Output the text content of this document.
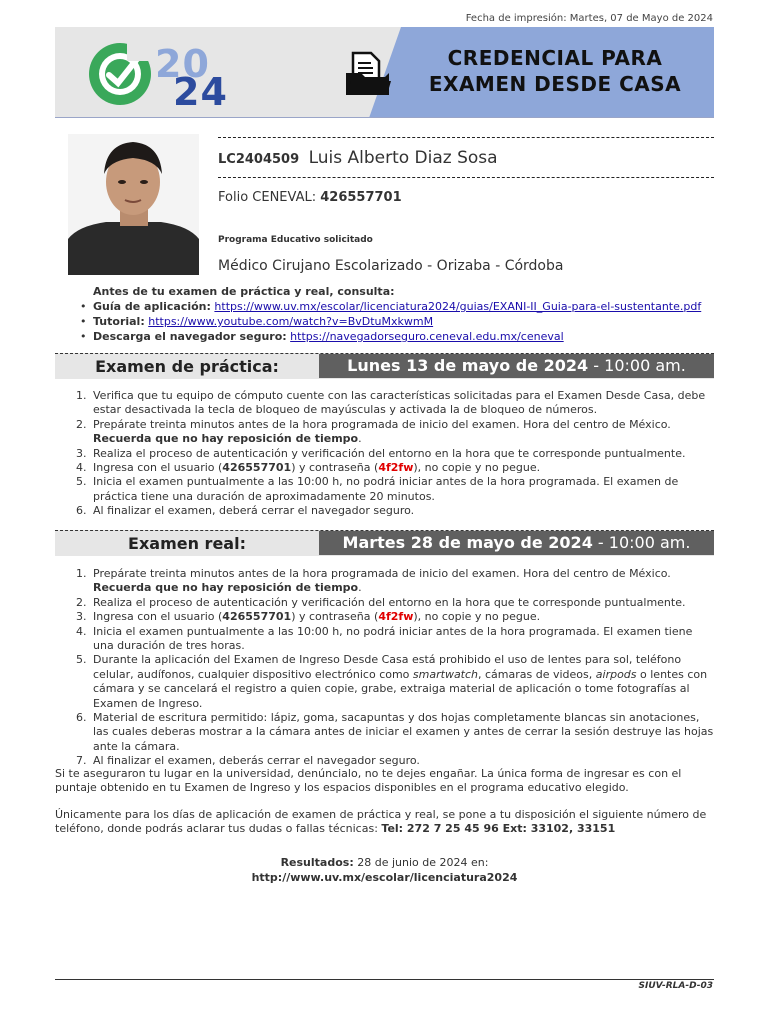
Fecha de impresión: Martes, 07 de Mayo de 2024
20
24
CREDENCIAL PARA
EXAMEN DESDE CASA
LC2404509 Luis Alberto Diaz Sosa
Folio CENEVAL: 426557701
Programa Educativo solicitado
Médico Cirujano Escolarizado - Orizaba - Córdoba
Antes de tu examen de práctica y real, consulta:
• Guía de aplicación: https://www.uv.mx/escolar/licenciatura2024/guias/EXANI-II_Guia-para-el-sustentante.pdf
• Tutorial: https://www.youtube.com/watch?v=BvDtuMxkwmM
• Descarga el navegador seguro: https://navegadorseguro.ceneval.edu.mx/ceneval
Examen de práctica:	Lunes 13 de mayo de 2024 - 10:00 am.
1. Verifica que tu equipo de cómputo cuente con las características solicitadas para el Examen Desde Casa, debe estar desactivada la tecla de bloqueo de mayúsculas y activada la de bloqueo de números.
2. Prepárate treinta minutos antes de la hora programada de inicio del examen. Hora del centro de México. Recuerda que no hay reposición de tiempo.
3. Realiza el proceso de autenticación y verificación del entorno en la hora que te corresponde puntualmente.
4. Ingresa con el usuario (426557701) y contraseña (4f2fw), no copie y no pegue.
5. Inicia el examen puntualmente a las 10:00 h, no podrá iniciar antes de la hora programada. El examen de práctica tiene una duración de aproximadamente 20 minutos.
6. Al finalizar el examen, deberá cerrar el navegador seguro.
Examen real:	Martes 28 de mayo de 2024 - 10:00 am.
1. Prepárate treinta minutos antes de la hora programada de inicio del examen. Hora del centro de México. Recuerda que no hay reposición de tiempo.
2. Realiza el proceso de autenticación y verificación del entorno en la hora que te corresponde puntualmente.
3. Ingresa con el usuario (426557701) y contraseña (4f2fw), no copie y no pegue.
4. Inicia el examen puntualmente a las 10:00 h, no podrá iniciar antes de la hora programada. El examen tiene una duración de tres horas.
5. Durante la aplicación del Examen de Ingreso Desde Casa está prohibido el uso de lentes para sol, teléfono celular, audífonos, cualquier dispositivo electrónico como smartwatch, cámaras de videos, airpods o lentes con cámara y se cancelará el registro a quien copie, grabe, extraiga material de aplicación o tome fotografías al Examen de Ingreso.
6. Material de escritura permitido: lápiz, goma, sacapuntas y dos hojas completamente blancas sin anotaciones, las cuales deberas mostrar a la cámara antes de iniciar el examen y antes de cerrar la sesión destruye las hojas ante la cámara.
7. Al finalizar el examen, deberás cerrar el navegador seguro.
Si te aseguraron tu lugar en la universidad, denúncialo, no te dejes engañar. La única forma de ingresar es con el puntaje obtenido en tu Examen de Ingreso y los espacios disponibles en el programa educativo elegido.
Únicamente para los días de aplicación de examen de práctica y real, se pone a tu disposición el siguiente número de teléfono, donde podrás aclarar tus dudas o fallas técnicas: Tel: 272 7 25 45 96 Ext: 33102, 33151
Resultados: 28 de junio de 2024 en:
http://www.uv.mx/escolar/licenciatura2024
SIUV-RLA-D-03
